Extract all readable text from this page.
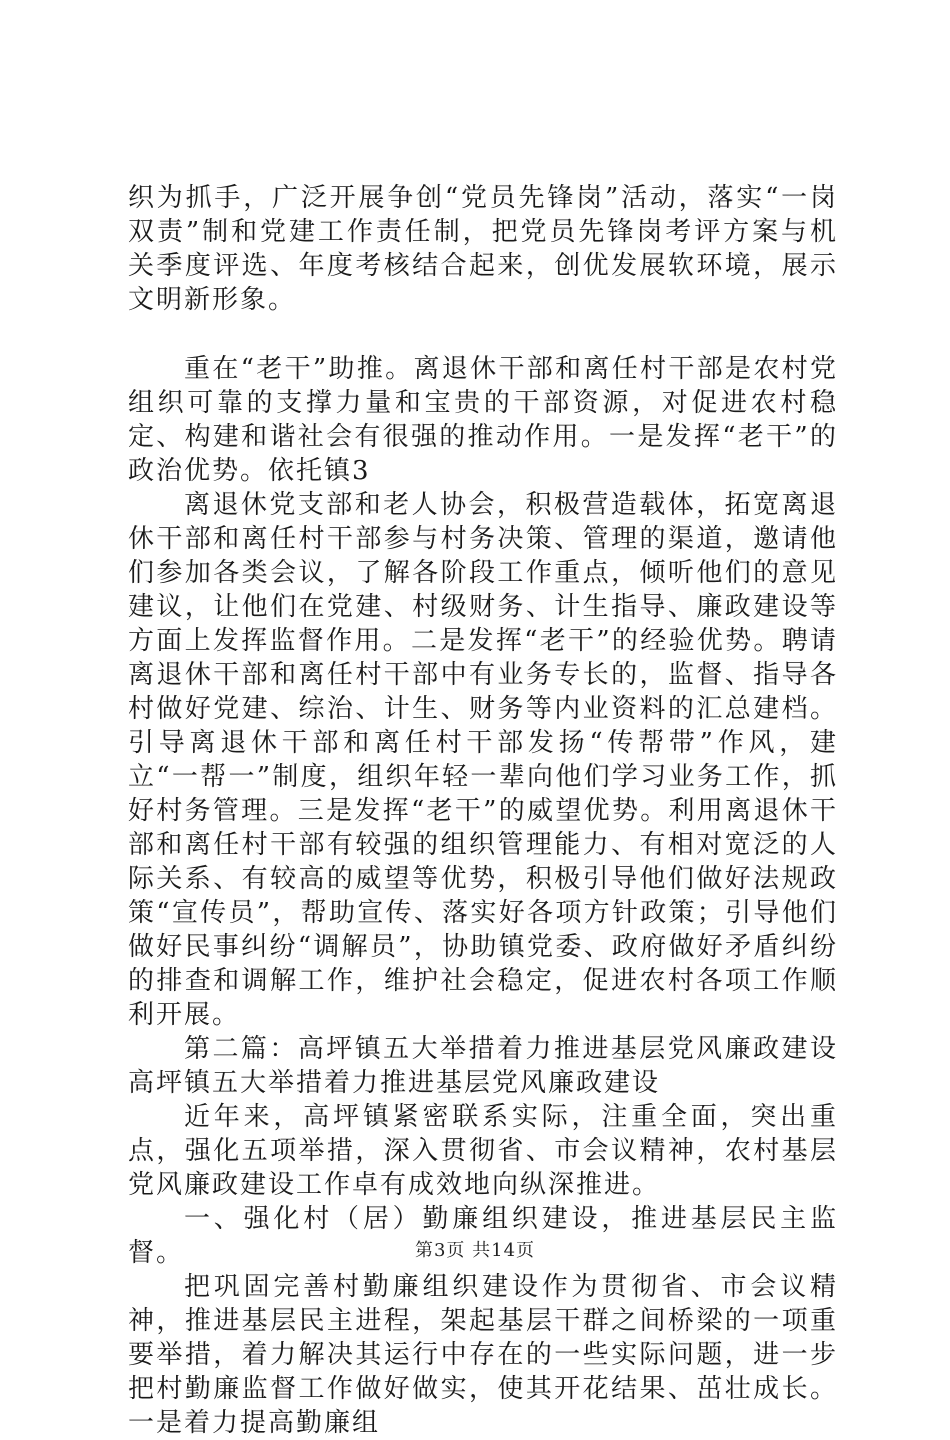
织为抓手，广泛开展争创“党员先锋岗”活动，落实“一岗双责”制和党建工作责任制，把党员先锋岗考评方案与机关季度评选、年度考核结合起来，创优发展软环境，展示文明新形象。

重在“老干”助推。离退休干部和离任村干部是农村党组织可靠的支撑力量和宝贵的干部资源，对促进农村稳定、构建和谐社会有很强的推动作用。一是发挥“老干”的政治优势。依托镇3

离退休党支部和老人协会，积极营造载体，拓宽离退休干部和离任村干部参与村务决策、管理的渠道，邀请他们参加各类会议，了解各阶段工作重点，倾听他们的意见建议，让他们在党建、村级财务、计生指导、廉政建设等方面上发挥监督作用。二是发挥“老干”的经验优势。聘请离退休干部和离任村干部中有业务专长的，监督、指导各村做好党建、综治、计生、财务等内业资料的汇总建档。引导离退休干部和离任村干部发扬“传帮带”作风，建立“一帮一”制度，组织年轻一辈向他们学习业务工作，抓好村务管理。三是发挥“老干”的威望优势。利用离退休干部和离任村干部有较强的组织管理能力、有相对宽泛的人际关系、有较高的威望等优势，积极引导他们做好法规政策“宣传员”，帮助宣传、落实好各项方针政策；引导他们做好民事纠纷“调解员”，协助镇党委、政府做好矛盾纠纷的排查和调解工作，维护社会稳定，促进农村各项工作顺利开展。

第二篇：高坪镇五大举措着力推进基层党风廉政建设高坪镇五大举措着力推进基层党风廉政建设

近年来，高坪镇紧密联系实际，注重全面，突出重点，强化五项举措，深入贯彻省、市会议精神，农村基层党风廉政建设工作卓有成效地向纵深推进。

一、强化村（居）勤廉组织建设，推进基层民主监督。

把巩固完善村勤廉组织建设作为贯彻省、市会议精神，推进基层民主进程，架起基层干群之间桥梁的一项重要举措，着力解决其运行中存在的一些实际问题，进一步把村勤廉监督工作做好做实，使其开花结果、茁壮成长。一是着力提高勤廉组

第3页 共14页
